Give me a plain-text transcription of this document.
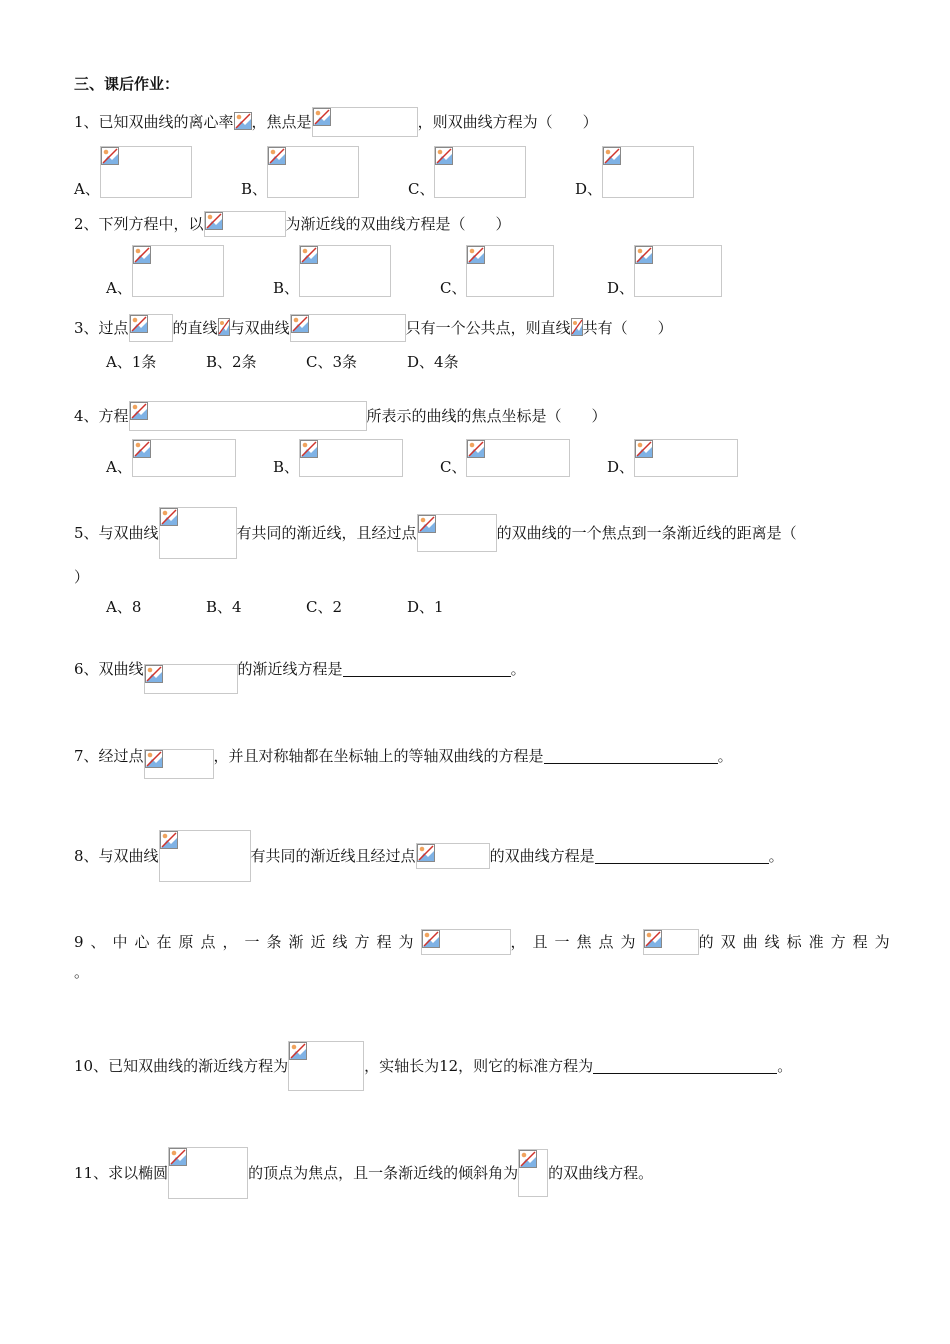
三、课后作业：
1、已知双曲线的离心率 ，焦点是	，则双曲线方程为（　　）
A、	B、	C、	D、
2、下列方程中，以	为渐近线的双曲线方程是（　　）
A、	B、	C、	D、
3、过点	的直线 与双曲线	只有一个公共点，则直线 共有（　　）
A、1条	B、2条	C、3条	D、4条
4、方程	所表示的曲线的焦点坐标是（　　）
A、	B、	C、	D、
5、与双曲线	有共同的渐近线，且经过点	的双曲线的一个焦点到一条渐近线的距离是（
）
A、8	B、4	C、2	D、1
6、双曲线	的渐近线方程是	。
7、经过点	，并且对称轴都在坐标轴上的等轴双曲线的方程是	。
8、与双曲线	有共同的渐近线且经过点	的双曲线方程是	。
9、中心在原点，一条渐近线方程为	，且一焦点为	的双曲线标准方程为
。
10、已知双曲线的渐近线方程为	，实轴长为12，则它的标准方程为	。
11、求以椭圆	的顶点为焦点，且一条渐近线的倾斜角为 的双曲线方程。
